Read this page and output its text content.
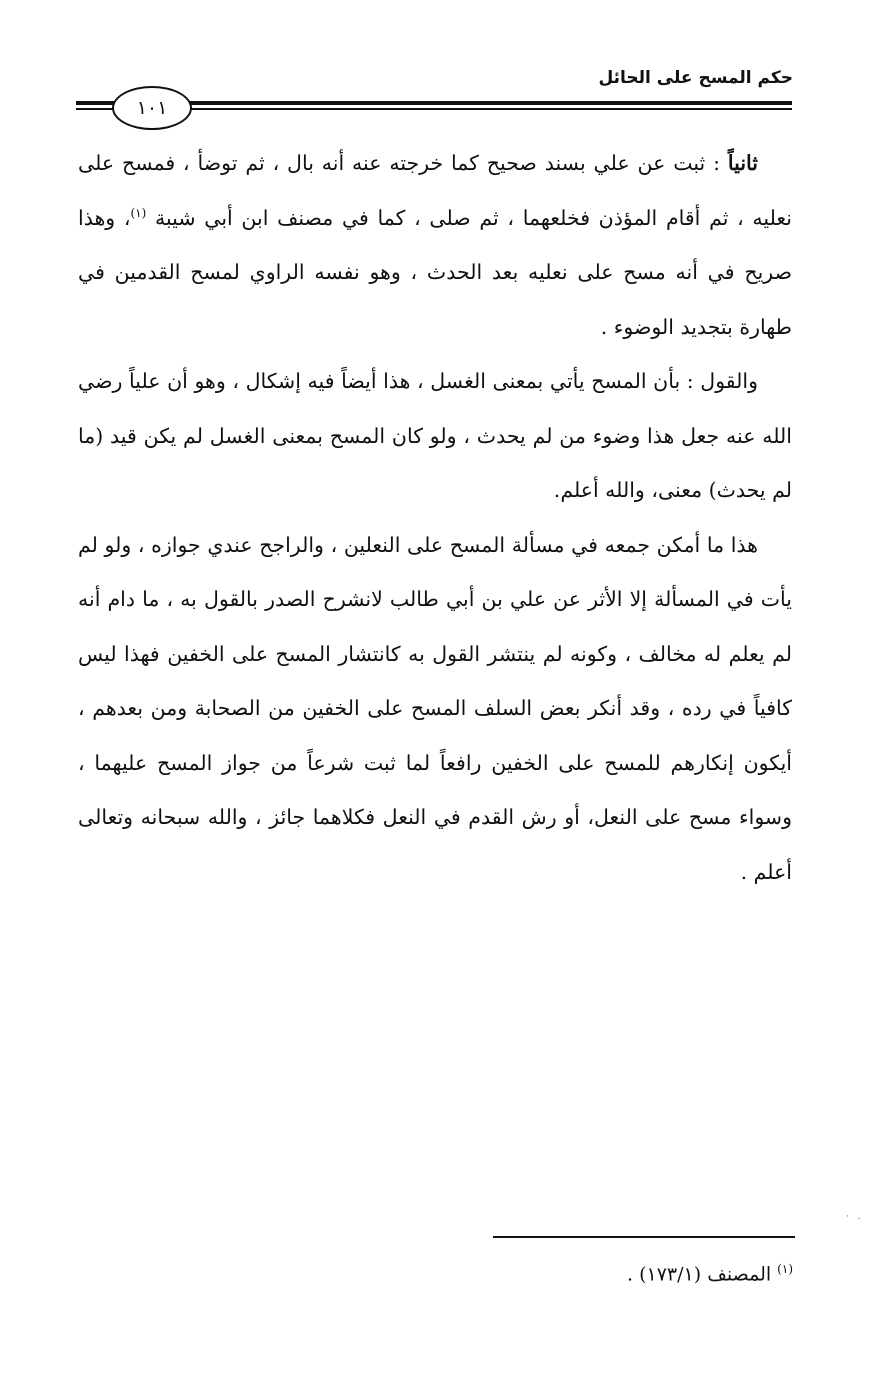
حكم المسح على الحائل
١٠١

ثانياً : ثبت عن علي بسند صحيح كما خرجته عنه أنه بال ، ثم توضأ ، فمسح على نعليه ، ثم أقام المؤذن فخلعهما ، ثم صلى ، كما في مصنف ابن أبي شيبة $^{(١)}$، وهذا صريح في أنه مسح على نعليه بعد الحدث ، وهو نفسه الراوي لمسح القدمين في طهارة بتجديد الوضوء .

والقول : بأن المسح يأتي بمعنى الغسل ، هذا أيضاً فيه إشكال ، وهو أن علياً رضي الله عنه جعل هذا وضوء من لم يحدث ، ولو كان المسح بمعنى الغسل لم يكن قيد (ما لم يحدث) معنى، والله أعلم.

هذا ما أمكن جمعه في مسألة المسح على النعلين ، والراجح عندي جوازه ، ولو لم يأت في المسألة إلا الأثر عن علي بن أبي طالب لانشرح الصدر بالقول به ، ما دام أنه لم يعلم له مخالف ، وكونه لم ينتشر القول به كانتشار المسح على الخفين فهذا ليس كافياً في رده ، وقد أنكر بعض السلف المسح على الخفين من الصحابة ومن بعدهم ، أيكون إنكارهم للمسح على الخفين رافعاً لما ثبت شرعاً من جواز المسح عليهما ، وسواء مسح على النعل، أو رش القدم في النعل فكلاهما جائز ، والله سبحانه وتعالى أعلم .

$^{(١)}$ المصنف (١٧٣/١) .
· .
